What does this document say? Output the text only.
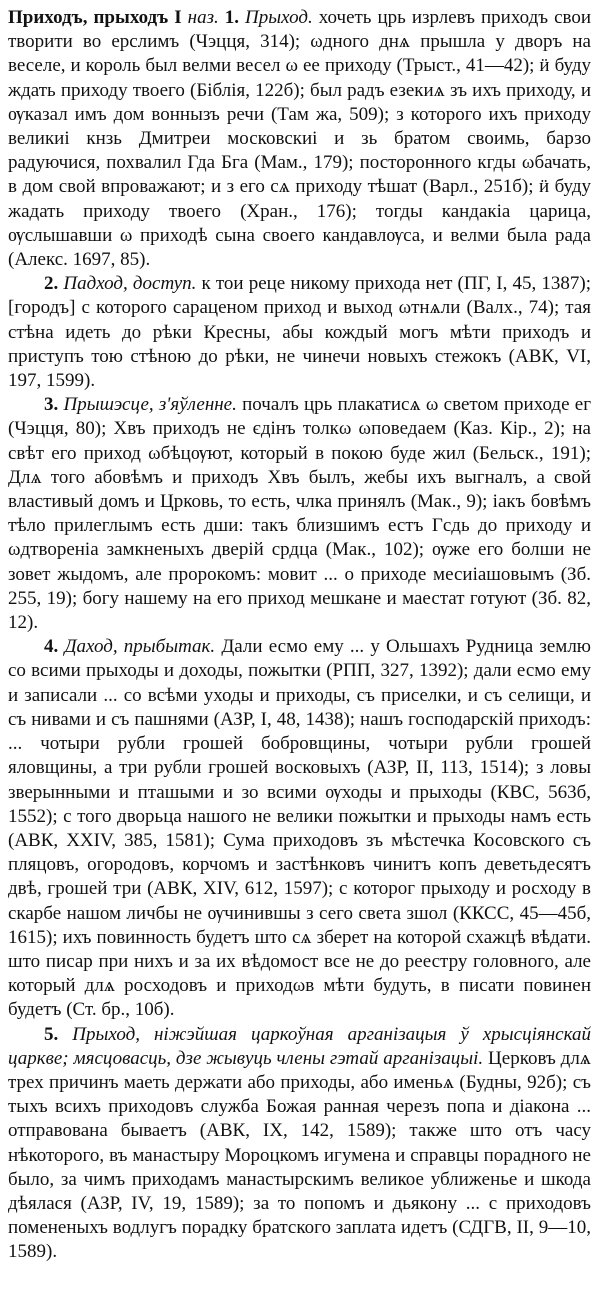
Приходъ, прыходъ I наз. 1. Прыход. хочеть црь изрлевъ приходъ свои творити во ерслимъ (Чэцця, 314); ωдного днѧ прышла у дворъ на веселе, и король был велми весел ω ее приходу (Трыст., 41—42); ӥ буду ждать приходу твоего (Біблія, 122б); был радъ езекиѧ зъ ихъ приходу, и ѹказал имъ дом воннызъ речи (Там жа, 509); з которого ихъ приходу великиі кнзь Дмитреи московскиі и зь братом своимь, барзо радуючися, похвалил Гда Бга (Мам., 179); посторонного кгды ωбачать, в дом свой впроважают; и з его сѧ приходу тѣшат (Варл., 251б); ӥ буду жадать приходу твоего (Хран., 176); тогды кандакіа царица, ѹслышавши ω приходѣ сына своего кандавлѹса, и велми была рада (Алекс. 1697, 85).

2. Падход, доступ. к тои реце никому прихода нет (ПГ, I, 45, 1387); [городъ] с которого сараценом приход и выход ωтнѧли (Валх., 74); тая стѣна идеть до рѣки Кресны, абы кождый могъ мѣти приходъ и приступъ тою стѣною до рѣки, не чинечи новыхъ стежокъ (АВК, VI, 197, 1599).

3. Прышэсце, з'яўленне. почалъ црь плакатисѧ ω светом приходе ег (Чэцця, 80); Хвъ приходъ не єдінъ толкω ωповедаем (Каз. Кір., 2); на свѣт его приход ωбѣцѹют, который в покою буде жил (Бельск., 191); Длѧ того абовѣмъ и приходъ Хвъ былъ, жебы ихъ выгналъ, а свой властивый домъ и Црковь, то есть, члка принялъ (Мак., 9); іакъ бовѣмъ тѣло прилеглымъ есть дши: такъ близшимъ естъ Гсдь до приходу и ωдтвореніа замкненыхъ дверій срдца (Мак., 102); ѹже его болши не зовет жыдомъ, але пророкомъ: мовит ... о приходе месиіашовымъ (Зб. 255, 19); богу нашему на его приход мешкане и маестат готуют (Зб. 82, 12).

4. Даход, прыбытак. Дали есмо ему ... у Ольшахъ Рудница землю со всими прыходы и доходы, пожытки (РПП, 327, 1392); дали есмо ему и записали ... со всѣми уходы и приходы, съ приселки, и съ селищи, и съ нивами и съ пашнями (АЗР, I, 48, 1438); нашъ господарскій приходъ: ... чотыри рубли грошей бобровщины, чотыри рубли грошей яловщины, а три рубли грошей восковыхъ (АЗР, II, 113, 1514); з ловы зверынными и пташыми и зо всими ѹходы и прыходы (КВС, 563б, 1552); с того дворьца нашого не велики пожытки и прыходы намъ есть (АВК, XXIV, 385, 1581); Сума приходовъ зъ мѣстечка Косовского съ пляцовъ, огородовъ, корчомъ и застѣнковъ чинитъ копъ деветьдесятъ двѣ, грошей три (АВК, XIV, 612, 1597); с которог прыходу и росходу в скарбе нашом личбы не ѹчинившы з сего света зшол (ККСС, 45—45б, 1615); ихъ повинность будетъ што сѧ зберет на которой схажцѣ вѣдати. што писар при нихъ и за их вѣдомост все не до реестру головного, але который длѧ росходовъ и приходωв мѣти будуть, в писати повинен будетъ (Ст. бр., 10б).

5. Прыход, ніжэйшая царкоўная арганізацыя ў хрысціянскай царкве; мясцовасць, дзе жывуць члены гэтай арганізацыі. Церковъ длѧ трех причинъ маеть держати або приходы, або именьѧ (Будны, 92б); съ тыхъ всихъ приходовъ служба Божая ранная черезъ попа и діакона ... отправована бываетъ (АВК, IX, 142, 1589); также што отъ часу нѣкоторого, въ манастыру Мороцкомъ игумена и справцы порадного не было, за чимъ приходамъ манастырскимъ великое уближенье и шкода дѣялася (АЗР, IV, 19, 1589); за то попомъ и дьякону ... с приходовъ помененыхъ водлугъ порадку братского заплата идетъ (СДГВ, II, 9—10, 1589).
